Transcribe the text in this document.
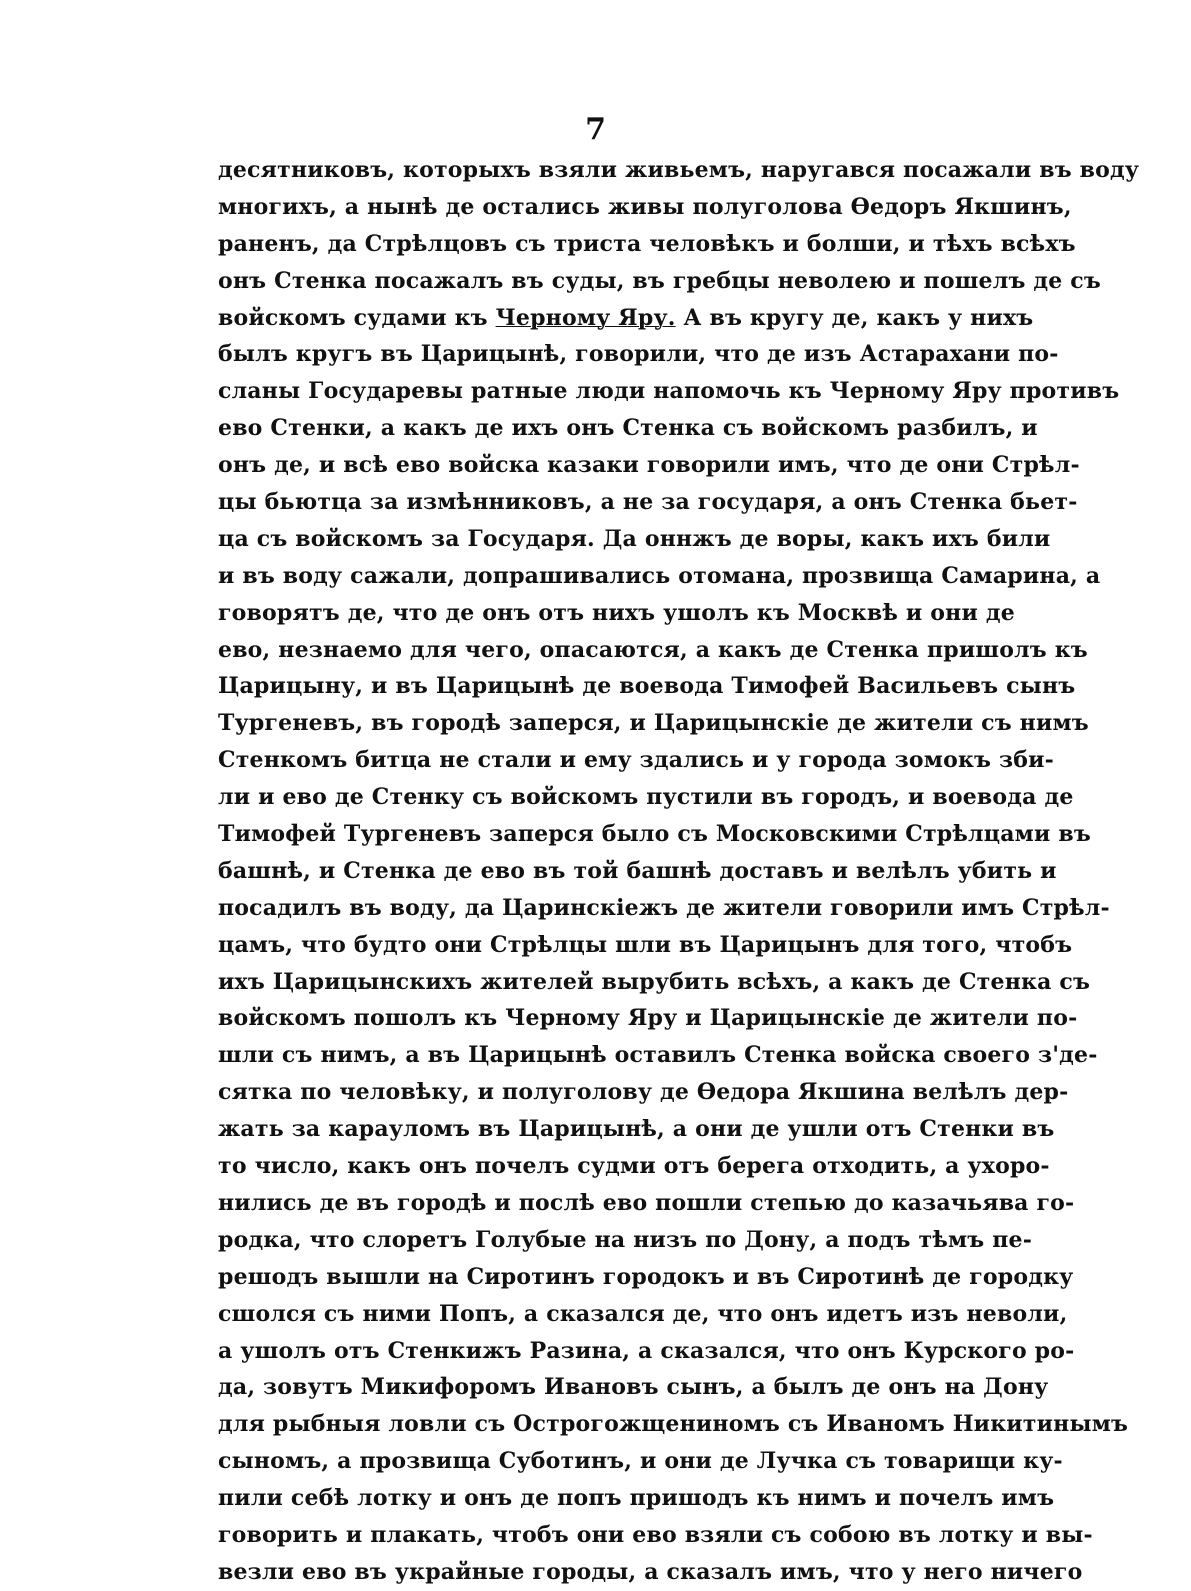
7
десятниковъ, которыхъ взяли живьемъ, наругався посажали въ воду
многихъ, а нынѣ де остались живы полуголова Ѳедоръ Якшинъ,
раненъ, да Стрѣлцовъ съ триста человѣкъ и болши, и тѣхъ всѣхъ
онъ Стенка посажалъ въ суды, въ гребцы неволею и пошелъ де съ
войскомъ судами къ Черному Яру. А въ кругу де, какъ у нихъ
былъ кругъ въ Царицынѣ, говорили, что де изъ Астарахани по-
сланы Государевы ратные люди напомочь къ Черному Яру противъ
ево Стенки, а какъ де ихъ онъ Стенка съ войскомъ разбилъ, и
онъ де, и всѣ ево войска казаки говорили имъ, что де они Стрѣл-
цы бьютца за измѣнниковъ, а не за государя, а онъ Стенка бьет-
ца съ войскомъ за Государя. Да оннжъ де воры, какъ ихъ били
и въ воду сажали, допрашивались отомана, прозвища Самарина, а
говорятъ де, что де онъ отъ нихъ ушолъ къ Москвѣ и они де
ево, незнаемо для чего, опасаются, а какъ де Стенка пришолъ къ
Царицыну, и въ Царицынѣ де воевода Тимофей Васильевъ сынъ
Тургеневъ, въ городѣ заперся, и Царицынскіе де жители съ нимъ
Стенкомъ битца не стали и ему здались и у города зомокъ зби-
ли и ево де Стенку съ войскомъ пустили въ городъ, и воевода де
Тимофей Тургеневъ заперся было съ Московскими Стрѣлцами въ
башнѣ, и Стенка де ево въ той башнѣ доставъ и велѣлъ убить и
посадилъ въ воду, да Царинскіежъ де жители говорили имъ Стрѣл-
цамъ, что будто они Стрѣлцы шли въ Царицынъ для того, чтобъ
ихъ Царицынскихъ жителей вырубить всѣхъ, а какъ де Стенка съ
войскомъ пошолъ къ Черному Яру и Царицынскіе де жители по-
шли съ нимъ, а въ Царицынѣ оставилъ Стенка войска своего з'де-
сятка по человѣку, и полуголову де Ѳедора Якшина велѣлъ дер-
жать за карауломъ въ Царицынѣ, а они де ушли отъ Стенки въ
то число, какъ онъ почелъ судми отъ берега отходить, а ухоро-
нились де въ городѣ и послѣ ево пошли степью до казачьява го-
родка, что слоретъ Голубые на низъ по Дону, а подъ тѣмъ пе-
решодъ вышли на Сиротинъ городокъ и въ Сиротинѣ де городку
сшолся съ ними Попъ, а сказался де, что онъ идетъ изъ неволи,
а ушолъ отъ Стенкижъ Разина, а сказался, что онъ Курского ро-
да, зовутъ Микифоромъ Ивановъ сынъ, а былъ де онъ на Дону
для рыбныя ловли съ Острогожщениномъ съ Иваномъ Никитинымъ
сыномъ, а прозвища Суботинъ, и они де Лучка съ товарищи ку-
пили себѣ лотку и онъ де попъ пришодъ къ нимъ и почелъ имъ
говорить и плакать, чтобъ они ево взяли съ собою въ лотку и вы-
везли ево въ украйные городы, а сказалъ имъ, что у него ничего
